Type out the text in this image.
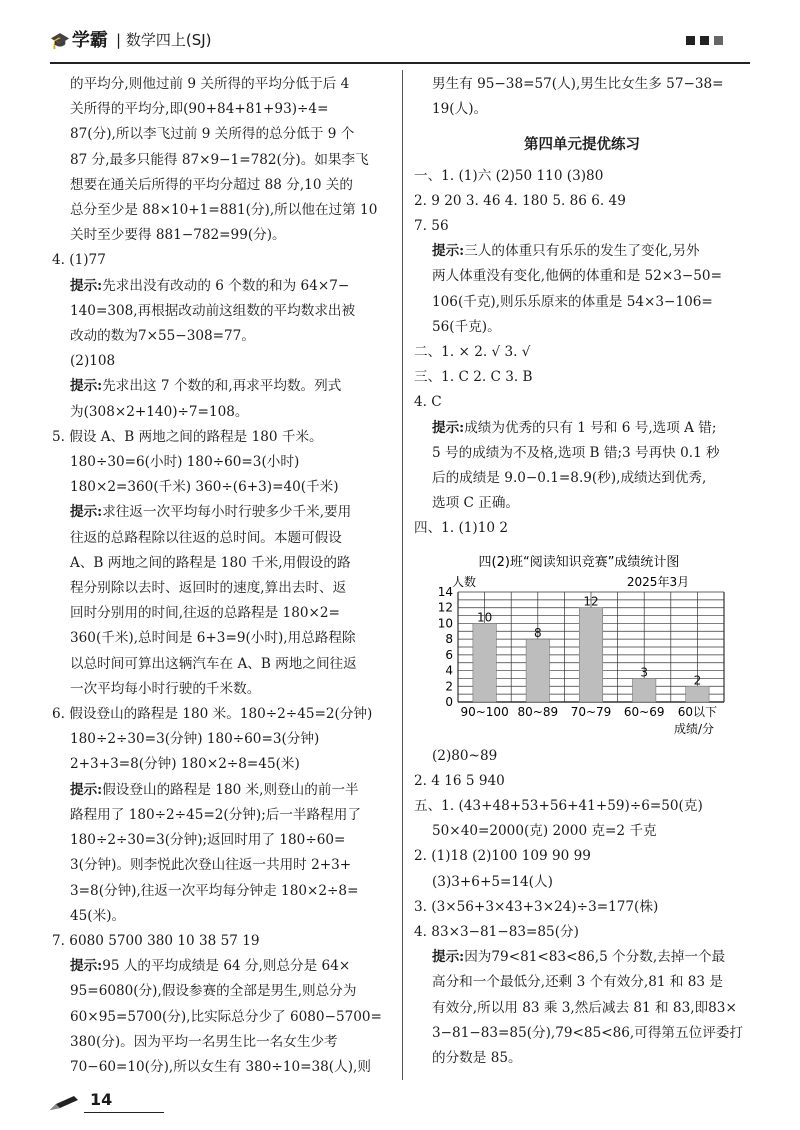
🎓 学霸 | 数学四上(SJ)

的平均分,则他过前 9 关所得的平均分低于后 4

关所得的平均分,即(90+84+81+93)÷4=

87(分),所以李飞过前 9 关所得的总分低于 9 个

87 分,最多只能得 87×9−1=782(分)。如果李飞

想要在通关后所得的平均分超过 88 分,10 关的

总分至少是 88×10+1=881(分),所以他在过第 10

关时至少要得 881−782=99(分)。

4. (1)77

提示:先求出没有改动的 6 个数的和为 64×7−

140=308,再根据改动前这组数的平均数求出被

改动的数为7×55−308=77。

(2)108

提示:先求出这 7 个数的和,再求平均数。列式

为(308×2+140)÷7=108。

5. 假设 A、B 两地之间的路程是 180 千米。

180÷30=6(小时) 180÷60=3(小时)

180×2=360(千米) 360÷(6+3)=40(千米)

提示:求往返一次平均每小时行驶多少千米,要用

往返的总路程除以往返的总时间。本题可假设

A、B 两地之间的路程是 180 千米,用假设的路

程分别除以去时、返回时的速度,算出去时、返

回时分别用的时间,往返的总路程是 180×2=

360(千米),总时间是 6+3=9(小时),用总路程除

以总时间可算出这辆汽车在 A、B 两地之间往返

一次平均每小时行驶的千米数。

6. 假设登山的路程是 180 米。180÷2÷45=2(分钟)

180÷2÷30=3(分钟) 180÷60=3(分钟)

2+3+3=8(分钟) 180×2÷8=45(米)

提示:假设登山的路程是 180 米,则登山的前一半

路程用了 180÷2÷45=2(分钟);后一半路程用了

180÷2÷30=3(分钟);返回时用了 180÷60=

3(分钟)。则李悦此次登山往返一共用时 2+3+

3=8(分钟),往返一次平均每分钟走 180×2÷8=

45(米)。

7. 6080 5700 380 10 38 57 19

提示:95 人的平均成绩是 64 分,则总分是 64×

95=6080(分),假设参赛的全部是男生,则总分为

60×95=5700(分),比实际总分少了 6080−5700=

380(分)。因为平均一名男生比一名女生少考

70−60=10(分),所以女生有 380÷10=38(人),则

男生有 95−38=57(人),男生比女生多 57−38=

19(人)。

第四单元提优练习

一、1. (1)六 (2)50 110 (3)80

2. 9 20 3. 46 4. 180 5. 86 6. 49

7. 56

提示:三人的体重只有乐乐的发生了变化,另外

两人体重没有变化,他俩的体重和是 52×3−50=

106(千克),则乐乐原来的体重是 54×3−106=

56(千克)。

二、1. × 2. √ 3. √

三、1. C 2. C 3. B

4. C

提示:成绩为优秀的只有 1 号和 6 号,选项 A 错;

5 号的成绩为不及格,选项 B 错;3 号再快 0.1 秒

后的成绩是 9.0−0.1=8.9(秒),成绩达到优秀,

选项 C 正确。

四、1. (1)10 2

四(2)班“阅读知识竞赛”成绩统计图
人数	2025年3月
10
8
12
3
2
0
2
4
6
8
10
12
14
90~100 80~89 70~79 60~69 60以下
成绩/分

(2)80~89

2. 4 16 5 940

五、1. (43+48+53+56+41+59)÷6=50(克)

50×40=2000(克) 2000 克=2 千克

2. (1)18 (2)100 109 90 99

(3)3+6+5=14(人)

3. (3×56+3×43+3×24)÷3=177(株)

4. 83×3−81−83=85(分)

提示:因为79<81<83<86,5 个分数,去掉一个最

高分和一个最低分,还剩 3 个有效分,81 和 83 是

有效分,所以用 83 乘 3,然后减去 81 和 83,即83×

3−81−83=85(分),79<85<86,可得第五位评委打

的分数是 85。

14
